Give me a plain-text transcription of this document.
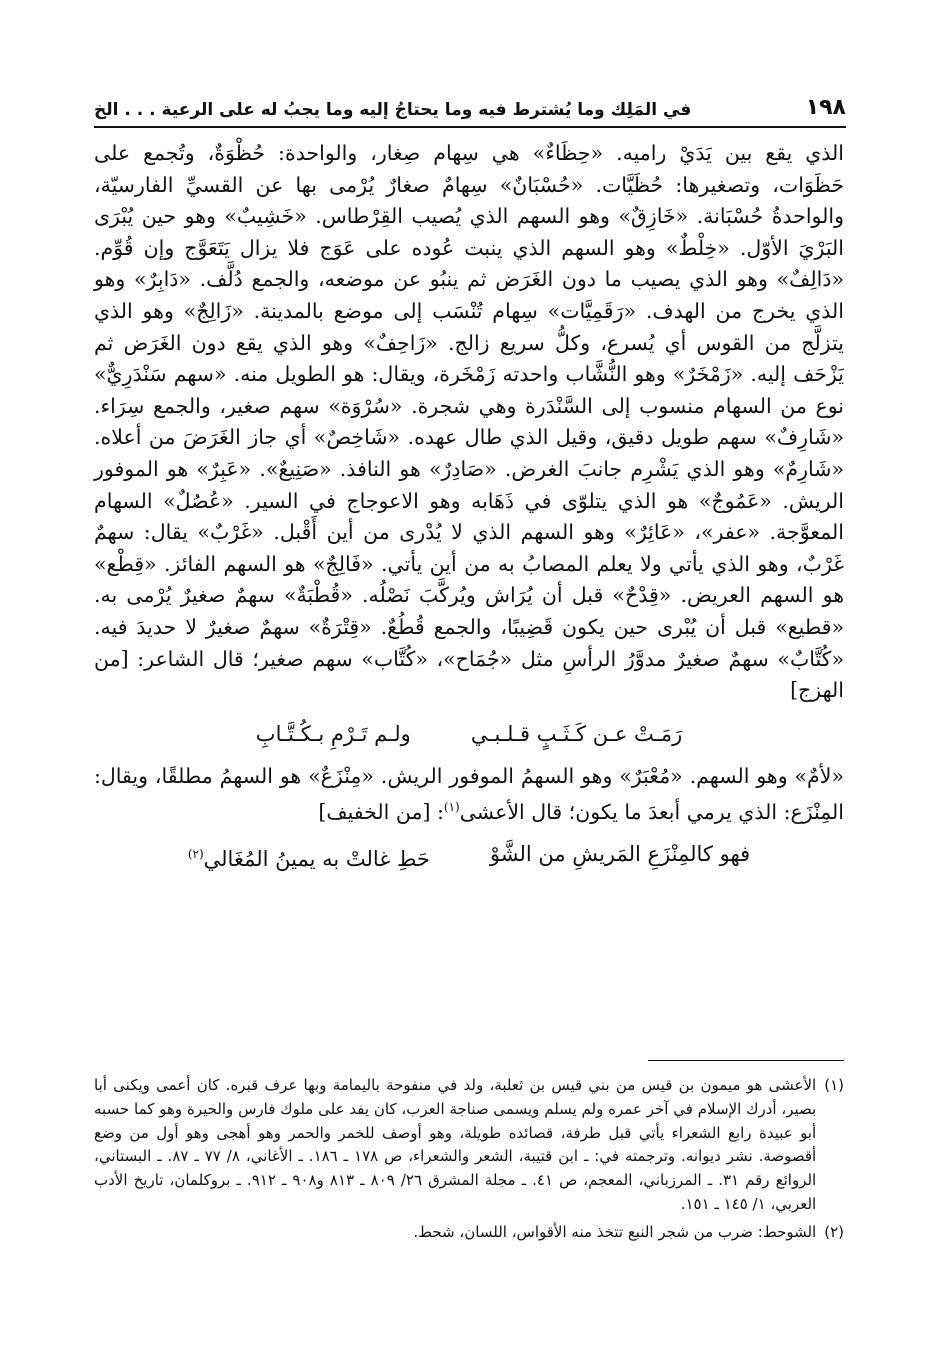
١٩٨
في المَلِك وما يُشترط فيه وما يحتاجُ إليه وما يجبُ له على الرعية . . . الخ

الذي يقع بين يَدَيْ راميه. «حِظَاءٌ» هي سِهام صِغار، والواحدة: حُظْوَةٌ، وتُجمع على حَظَوَات، وتصغيرها: حُظَيَّات. «حُسْبَانٌ» سِهامٌ صغارٌ يُرْمى بها عن القسيِّ الفارسيّة، والواحدةُ حُسْبَانة. «خَازِقٌ» وهو السهم الذي يُصيب القِرْطاس. «خَشِيبٌ» وهو حين يُبْرَى البَرْيَ الأوّل. «خِلْطٌ» وهو السهم الذي ينبت عُوده على عَوَج فلا يزال يَتَعَوَّج وإن قُوِّم. «دَالِفٌ» وهو الذي يصيب ما دون الغَرَض ثم ينبُو عن موضعه، والجمع دُلَّف. «دَابِرٌ» وهو الذي يخرج من الهدف. «رَقَمِيَّات» سِهام تُنْسَب إلى موضع بالمدينة. «زَالِجٌ» وهو الذي يتزلَّج من القوس أي يُسرع، وكلُّ سريع زالج. «زَاحِفٌ» وهو الذي يقع دون الغَرَض ثم يَزْحَف إليه. «زَمْخَرٌ» وهو النُّشَّاب واحدته زَمْخَرة، ويقال: هو الطويل منه. «سهم سَنْدَرِيٌّ» نوع من السهام منسوب إلى السَّنْدَرة وهي شجرة. «سُرْوَة» سهم صغير، والجمع سِرَاء. «شَارِفٌ» سهم طويل دقيق، وقيل الذي طال عهده. «شَاخِصٌ» أي جاز الغَرَضَ من أعلاه. «شَارِمٌ» وهو الذي يَشْرِم جانبَ الغرض. «صَادِرٌ» هو النافذ. «صَنِيعٌ». «عَبِرٌ» هو الموفور الريش. «عَمُوجٌ» هو الذي يتلوّى في ذَهَابه وهو الاعوجاج في السير. «عُصُلٌ» السهام المعوَّجة. «عفر»، «عَائِرٌ» وهو السهم الذي لا يُدْرى من أين أَقْبل. «غَرْبٌ» يقال: سهمٌ غَرْبٌ، وهو الذي يأتي ولا يعلم المصابُ به من أين يأتي. «فَالِجٌ» هو السهم الفائز. «قِطْع» هو السهم العريض. «قِدْحٌ» قبل أن يُرَاش ويُركَّبَ نَصْلُه. «قُطْبَةٌ» سهمٌ صغيرٌ يُرْمى به. «قطيع» قبل أن يُبْرى حين يكون قَضِيبًا، والجمع قُطُعٌ. «قِتْرَةٌ» سهمٌ صغيرٌ لا حديدَ فيه. «كُتَّابٌ» سهمٌ صغيرٌ مدوَّرُ الرأسِ مثل «جُمَاح»، «كُتَّاب» سهم صغير؛ قال الشاعر: [من الهزج]

رَمَـتْ عـن كَـثَـبٍ قـلـبـي
ولـم تَـرْمِ بـكُـتَّـابِ

«لأمٌ» وهو السهم. «مُعْبَرٌ» وهو السهمُ الموفور الريش. «مِنْزَعٌ» هو السهمُ مطلقًا، ويقال: المِنْزَع: الذي يرمي أبعدَ ما يكون؛ قال الأعشى$^{(١)}$: [من الخفيف]

فهو كالمِنْزَعِ المَريشِ من الشَّوْ
حَطِ غالتْ به يمينُ المُغَالي$^{(٢)}$
(١)
الأعشى هو ميمون بن قيس من بني قيس بن ثعلبة، ولد في منفوحة باليمامة وبها عرف قبره. كان أعمى ويكنى أبا بصير، أدرك الإسلام في آخر عمره ولم يسلم ويسمى صناجة العرب، كان يفد على ملوك فارس والحيرة وهو كما حسبه أبو عبيدة رابع الشعراء يأتي قبل طرفة، قصائده طويلة، وهو أوصف للخمر والحمر وهو أهجى وهو أول من وضع أقصوصة. نشر ديوانه. وترجمته في: ـ ابن قتيبة، الشعر والشعراء، ص ١٧٨ ـ ١٨٦. ـ الأغاني، ٨/ ٧٧ ـ ٨٧. ـ البستاني، الروائع رقم ٣١. ـ المرزباني، المعجم، ص ٤١. ـ مجلة المشرق ٢٦/ ٨٠٩ ـ ٨١٣ و٩٠٨ ـ ٩١٢. ـ بروكلمان، تاريخ الأدب العربي، ١/ ١٤٥ ـ ١٥١.
(٢)
الشوحط: ضرب من شجر النبع تتخذ منه الأقواس، اللسان، شحط.
